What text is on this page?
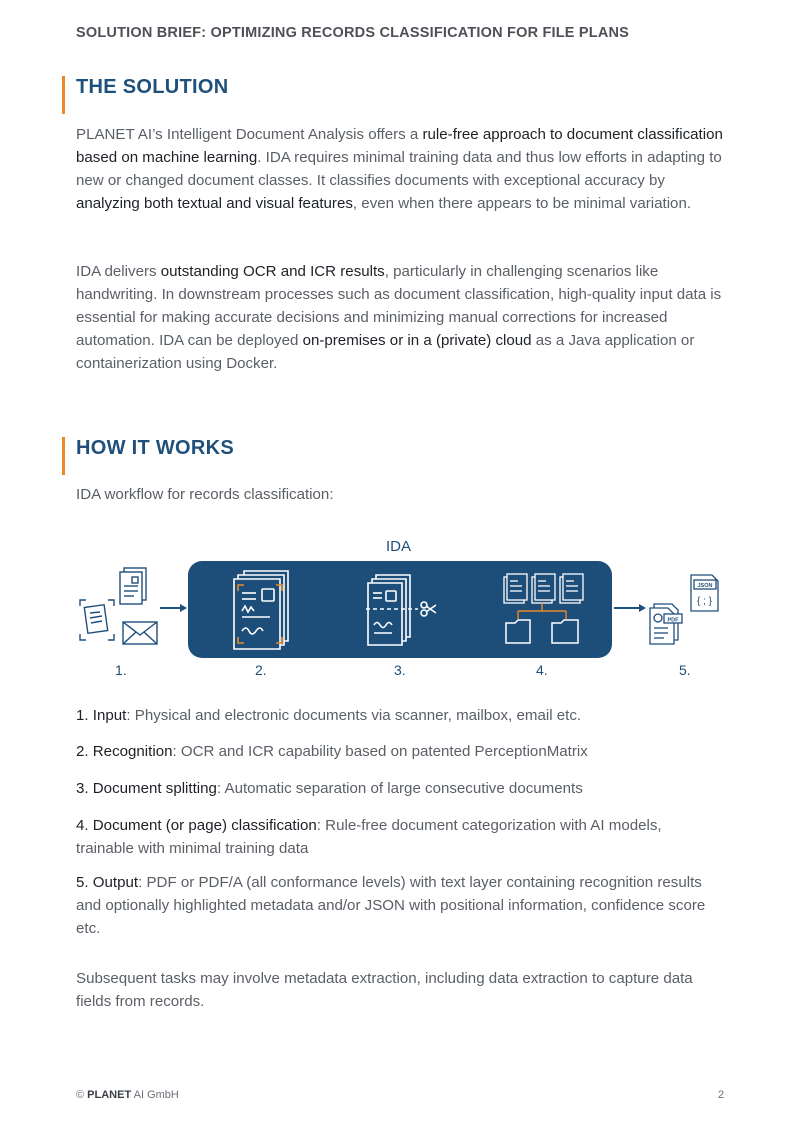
SOLUTION BRIEF: OPTIMIZING RECORDS CLASSIFICATION FOR FILE PLANS
THE SOLUTION

PLANET AI’s Intelligent Document Analysis offers a rule-free approach to document classification based on machine learning. IDA requires minimal training data and thus low efforts in adapting to new or changed document classes. It classifies documents with exceptional accuracy by analyzing both textual and visual features, even when there appears to be minimal variation.

IDA delivers outstanding OCR and ICR results, particularly in challenging scenarios like handwriting. In downstream processes such as document classification, high-quality input data is essential for making accurate decisions and minimizing manual corrections for increased automation. IDA can be deployed on-premises or in a (private) cloud as a Java application or containerization using Docker.

HOW IT WORKS
IDA workflow for records classification:
IDA
PDF
JSON
{ ; }
1.	2.	3.	4.	5.

1. Input: Physical and electronic documents via scanner, mailbox, email etc.

2. Recognition: OCR and ICR capability based on patented PerceptionMatrix

3. Document splitting: Automatic separation of large consecutive documents

4. Document (or page) classification: Rule-free document categorization with AI models, trainable with minimal training data

5. Output: PDF or PDF/A (all conformance levels) with text layer containing recognition results and optionally highlighted metadata and/or JSON with positional information, confidence score etc.

Subsequent tasks may involve metadata extraction, including data extraction to capture data fields from records.

© PLANET AI GmbH	2
